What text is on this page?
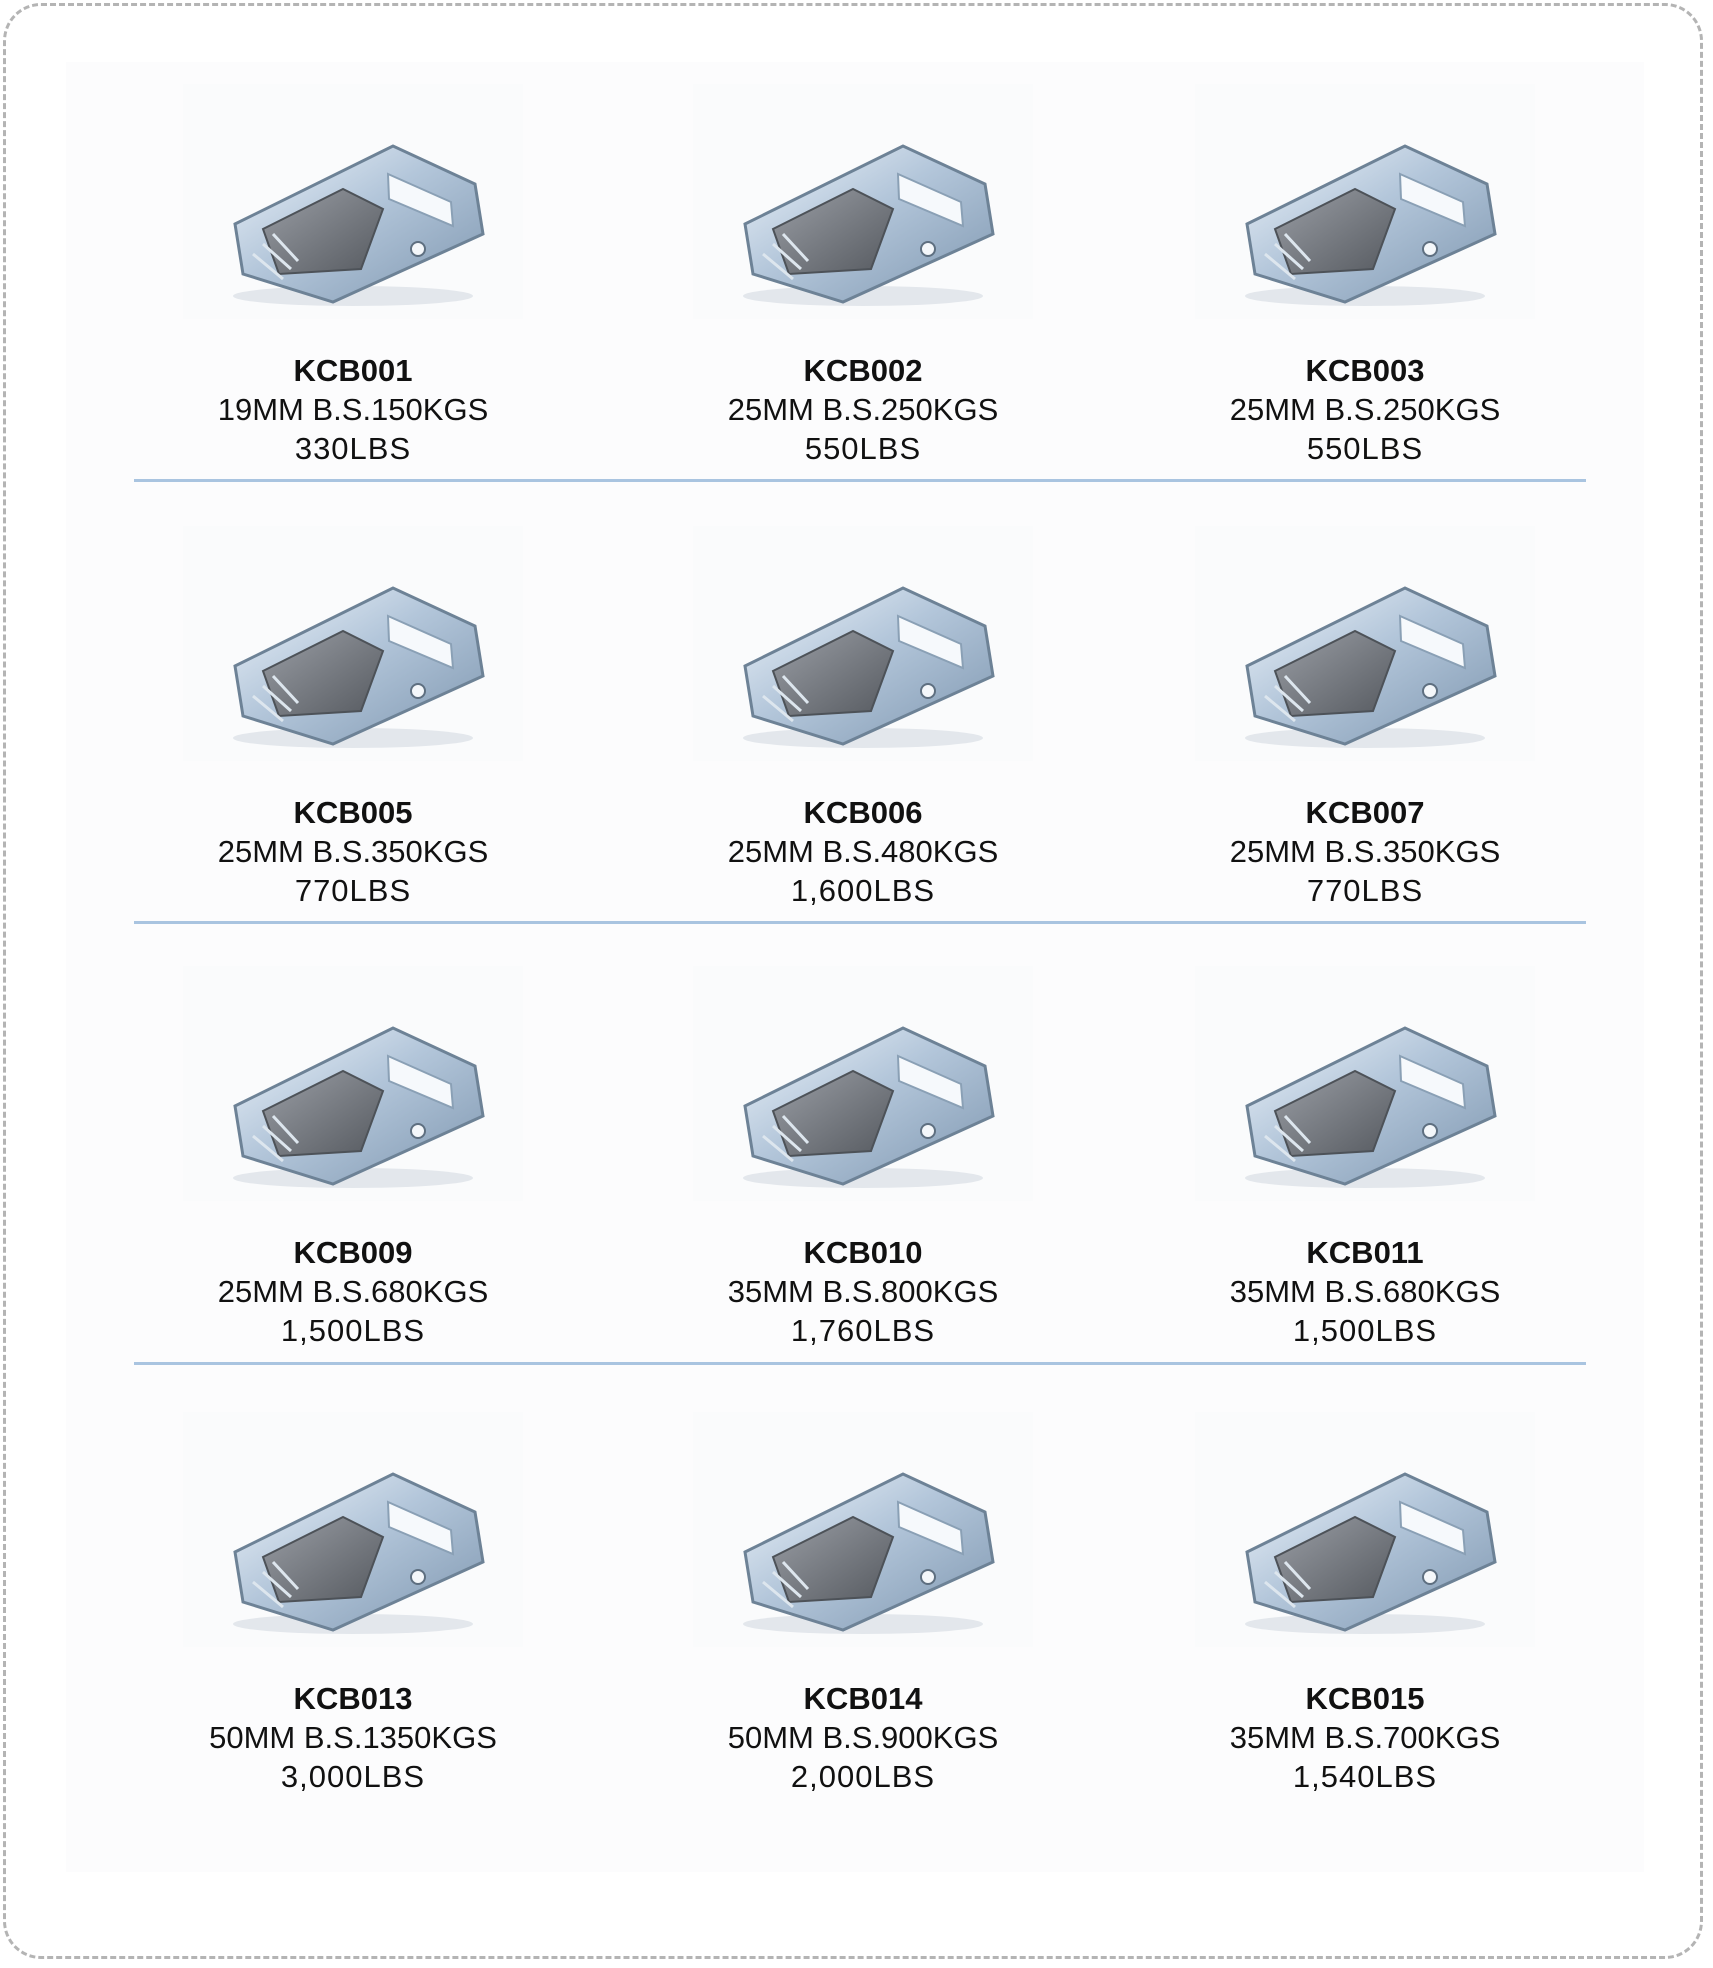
KCB001
19MM B.S.150KGS
330LBS
KCB002
25MM B.S.250KGS
550LBS
KCB003
25MM B.S.250KGS
550LBS
KCB005
25MM B.S.350KGS
770LBS
KCB006
25MM B.S.480KGS
1,600LBS
KCB007
25MM B.S.350KGS
770LBS
KCB009
25MM B.S.680KGS
1,500LBS
KCB010
35MM B.S.800KGS
1,760LBS
KCB011
35MM B.S.680KGS
1,500LBS
KCB013
50MM B.S.1350KGS
3,000LBS
KCB014
50MM B.S.900KGS
2,000LBS
KCB015
35MM B.S.700KGS
1,540LBS
